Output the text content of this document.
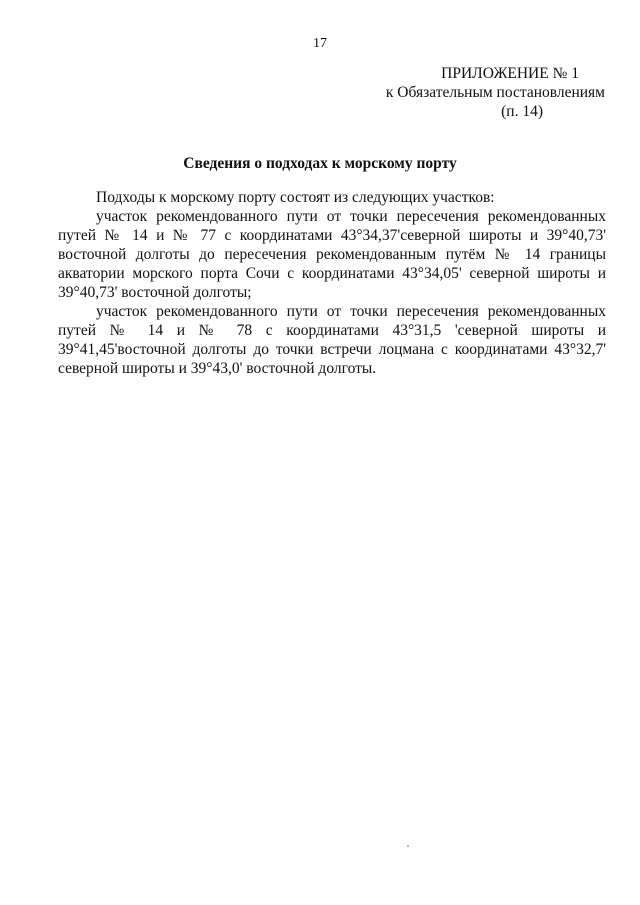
17
ПРИЛОЖЕНИЕ № 1
к Обязательным постановлениям
(п. 14)
Сведения о подходах к морскому порту

Подходы к морскому порту состоят из следующих участков:

участок рекомендованного пути от точки пересечения рекомендованных путей № 14 и № 77 с координатами 43°34,37'северной широты и 39°40,73' восточной долготы до пересечения рекомендованным путём № 14 границы акватории морского порта Сочи с координатами 43°34,05' северной широты и 39°40,73' восточной долготы;

участок рекомендованного пути от точки пересечения рекомендованных путей № 14 и № 78 с координатами 43°31,5 'северной широты и 39°41,45'восточной долготы до точки встречи лоцмана с координатами 43°32,7' северной широты и 39°43,0' восточной долготы.
